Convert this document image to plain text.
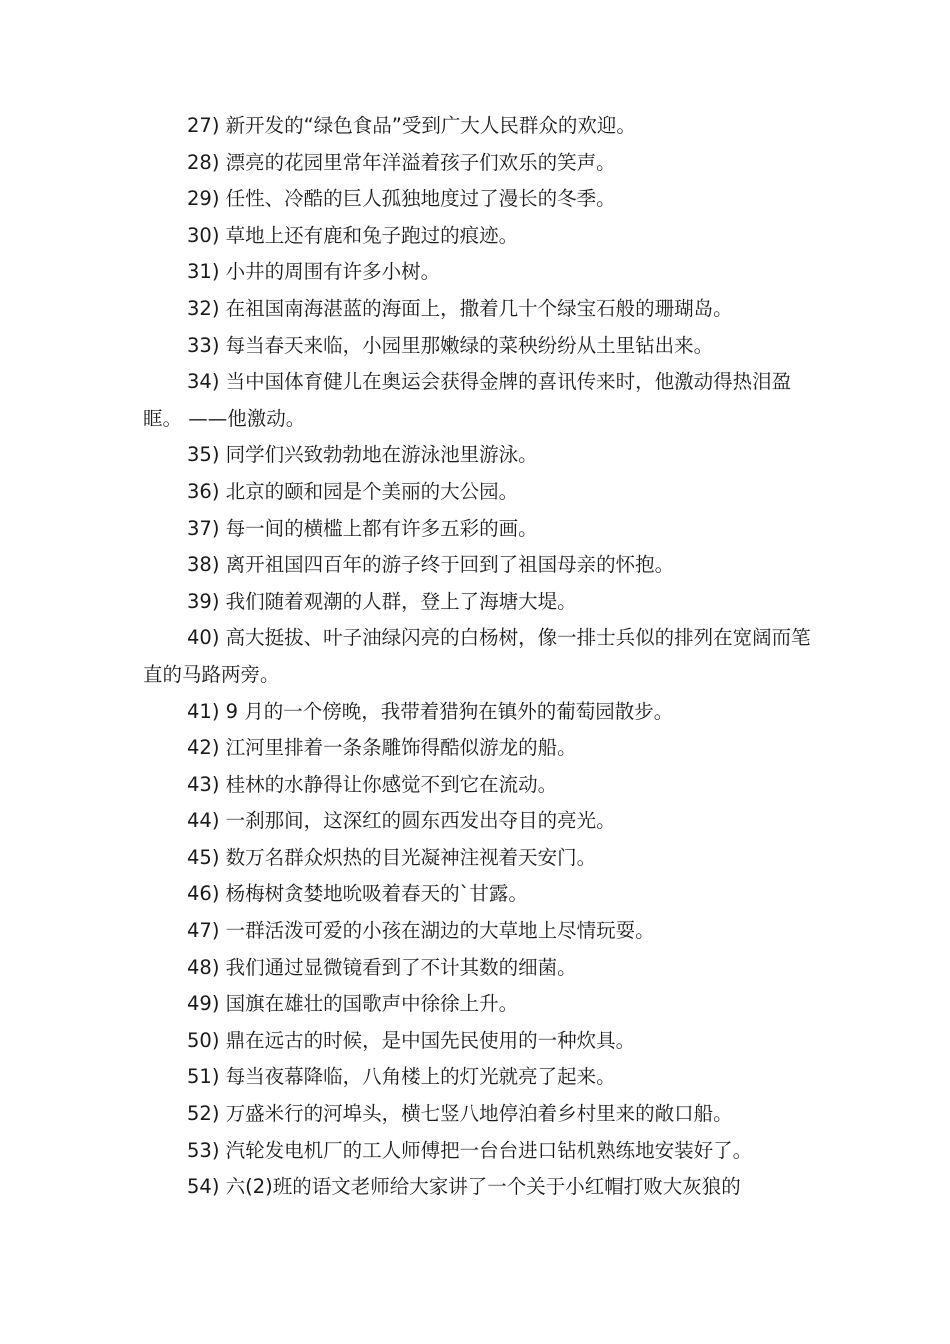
27) 新开发的“绿色食品”受到广大人民群众的欢迎。

28) 漂亮的花园里常年洋溢着孩子们欢乐的笑声。

29) 任性、冷酷的巨人孤独地度过了漫长的冬季。

30) 草地上还有鹿和兔子跑过的痕迹。

31) 小井的周围有许多小树。

32) 在祖国南海湛蓝的海面上，撒着几十个绿宝石般的珊瑚岛。

33) 每当春天来临，小园里那嫩绿的菜秧纷纷从土里钻出来。

34) 当中国体育健儿在奥运会获得金牌的喜讯传来时，他激动得热泪盈眶。 ——他激动。

35) 同学们兴致勃勃地在游泳池里游泳。

36) 北京的颐和园是个美丽的大公园。

37) 每一间的横槛上都有许多五彩的画。

38) 离开祖国四百年的游子终于回到了祖国母亲的怀抱。

39) 我们随着观潮的人群，登上了海塘大堤。

40) 高大挺拔、叶子油绿闪亮的白杨树，像一排士兵似的排列在宽阔而笔直的马路两旁。

41) 9 月的一个傍晚，我带着猎狗在镇外的葡萄园散步。

42) 江河里排着一条条雕饰得酷似游龙的船。

43) 桂林的水静得让你感觉不到它在流动。

44) 一刹那间，这深红的圆东西发出夺目的亮光。

45) 数万名群众炽热的目光凝神注视着天安门。

46) 杨梅树贪婪地吮吸着春天的`甘露。

47) 一群活泼可爱的小孩在湖边的大草地上尽情玩耍。

48) 我们通过显微镜看到了不计其数的细菌。

49) 国旗在雄壮的国歌声中徐徐上升。

50) 鼎在远古的时候，是中国先民使用的一种炊具。

51) 每当夜幕降临，八角楼上的灯光就亮了起来。

52) 万盛米行的河埠头，横七竖八地停泊着乡村里来的敞口船。

53) 汽轮发电机厂的工人师傅把一台台进口钻机熟练地安装好了。

54) 六(2)班的语文老师给大家讲了一个关于小红帽打败大灰狼的
